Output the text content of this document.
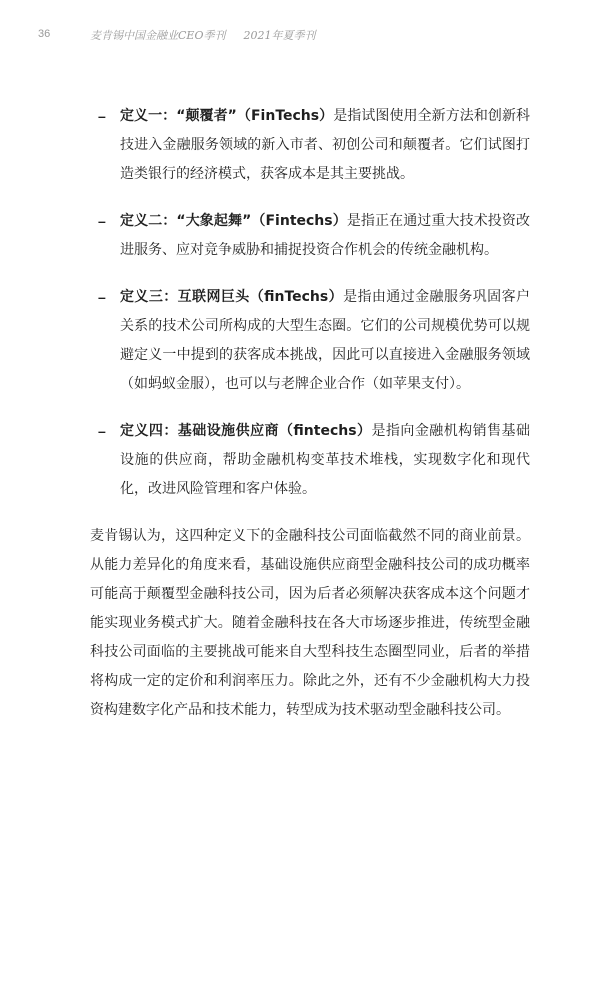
36	麦肯锡中国金融业CEO季刊 2021年夏季刊
– 定义一：“颠覆者”（FinTechs）是指试图使用全新方法和创新科技进入金融服务领域的新入市者、初创公司和颠覆者。它们试图打造类银行的经济模式，获客成本是其主要挑战。
– 定义二：“大象起舞”（Fintechs）是指正在通过重大技术投资改进服务、应对竞争威胁和捕捉投资合作机会的传统金融机构。
– 定义三：互联网巨头（finTechs）是指由通过金融服务巩固客户关系的技术公司所构成的大型生态圈。它们的公司规模优势可以规避定义一中提到的获客成本挑战，因此可以直接进入金融服务领域（如蚂蚁金服），也可以与老牌企业合作（如苹果支付）。
– 定义四：基础设施供应商（fintechs）是指向金融机构销售基础设施的供应商，帮助金融机构变革技术堆栈，实现数字化和现代化，改进风险管理和客户体验。

麦肯锡认为，这四种定义下的金融科技公司面临截然不同的商业前景。从能力差异化的角度来看，基础设施供应商型金融科技公司的成功概率可能高于颠覆型金融科技公司，因为后者必须解决获客成本这个问题才能实现业务模式扩大。随着金融科技在各大市场逐步推进，传统型金融科技公司面临的主要挑战可能来自大型科技生态圈型同业，后者的举措将构成一定的定价和利润率压力。除此之外，还有不少金融机构大力投资构建数字化产品和技术能力，转型成为技术驱动型金融科技公司。
